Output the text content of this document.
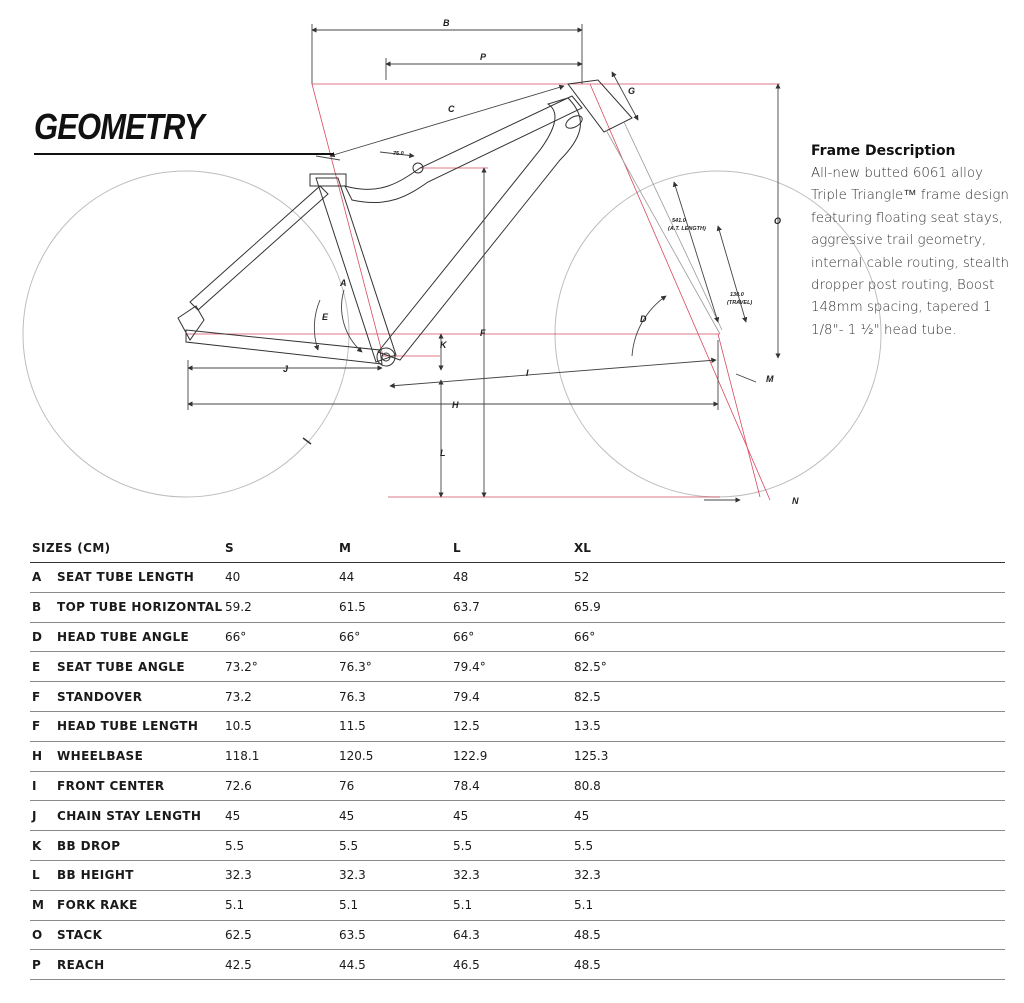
B
P
C
G
O
A
E	D
K
F
J	I
H
L
M
N
75.0
541.0
(A.T. LENGTH)
130.0
(TRAVEL)
GEOMETRY
Frame Description

All-new butted 6061 alloy Triple Triangle™ frame design featuring floating seat stays, aggressive trail geometry, internal cable routing, stealth dropper post routing, Boost 148mm spacing, tapered 1 1/8"- 1 ½" head tube.

SIZES (CM)	S	M	L	XL
A SEAT TUBE LENGTH	40	44	48	52
B TOP TUBE HORIZONTAL 59.2	61.5	63.7	65.9
D HEAD TUBE ANGLE	66°	66°	66°	66°
E SEAT TUBE ANGLE	73.2°	76.3°	79.4°	82.5°
F STANDOVER	73.2	76.3	79.4	82.5
F HEAD TUBE LENGTH 10.5	11.5	12.5	13.5
H WHEELBASE	118.1	120.5	122.9	125.3
I FRONT CENTER	72.6	76	78.4	80.8
J CHAIN STAY LENGTH 45	45	45	45
K BB DROP	5.5	5.5	5.5	5.5
L BB HEIGHT	32.3	32.3	32.3	32.3
M FORK RAKE	5.1	5.1	5.1	5.1
O STACK	62.5	63.5	64.3	48.5
P REACH	42.5	44.5	46.5	48.5
